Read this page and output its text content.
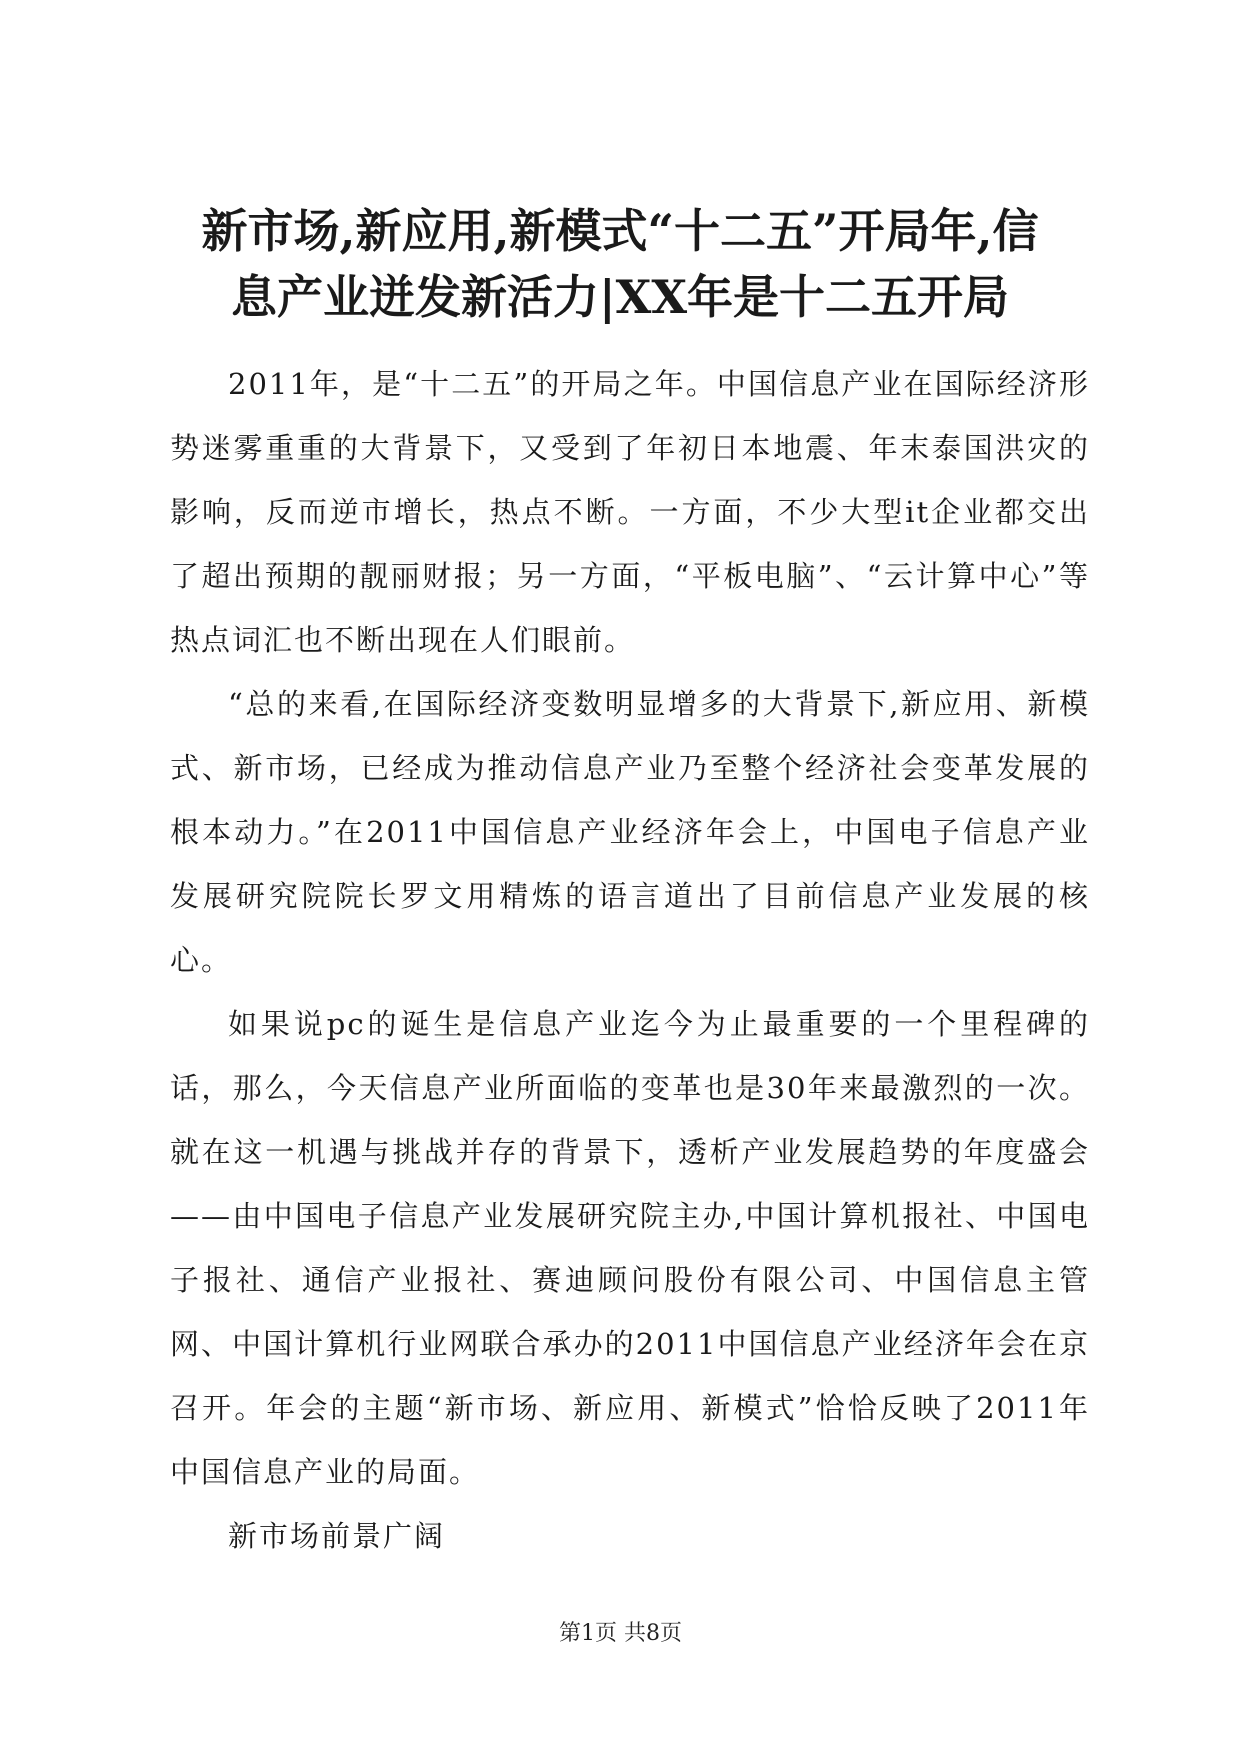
新市场,新应用,新模式“十二五”开局年,信
息产业迸发新活力|XX年是十二五开局

2011年，是“十二五”的开局之年。中国信息产业在国际经济形势迷雾重重的大背景下，又受到了年初日本地震、年末泰国洪灾的影响，反而逆市增长，热点不断。一方面，不少大型it企业都交出了超出预期的靓丽财报；另一方面，“平板电脑”、“云计算中心”等热点词汇也不断出现在人们眼前。

“总的来看,在国际经济变数明显增多的大背景下,新应用、新模式、新市场，已经成为推动信息产业乃至整个经济社会变革发展的根本动力。”在2011中国信息产业经济年会上，中国电子信息产业发展研究院院长罗文用精炼的语言道出了目前信息产业发展的核心。

如果说pc的诞生是信息产业迄今为止最重要的一个里程碑的话，那么，今天信息产业所面临的变革也是30年来最激烈的一次。就在这一机遇与挑战并存的背景下，透析产业发展趋势的年度盛会——由中国电子信息产业发展研究院主办,中国计算机报社、中国电子报社、通信产业报社、赛迪顾问股份有限公司、中国信息主管网、中国计算机行业网联合承办的2011中国信息产业经济年会在京召开。年会的主题“新市场、新应用、新模式”恰恰反映了2011年中国信息产业的局面。

新市场前景广阔

第1页 共8页
